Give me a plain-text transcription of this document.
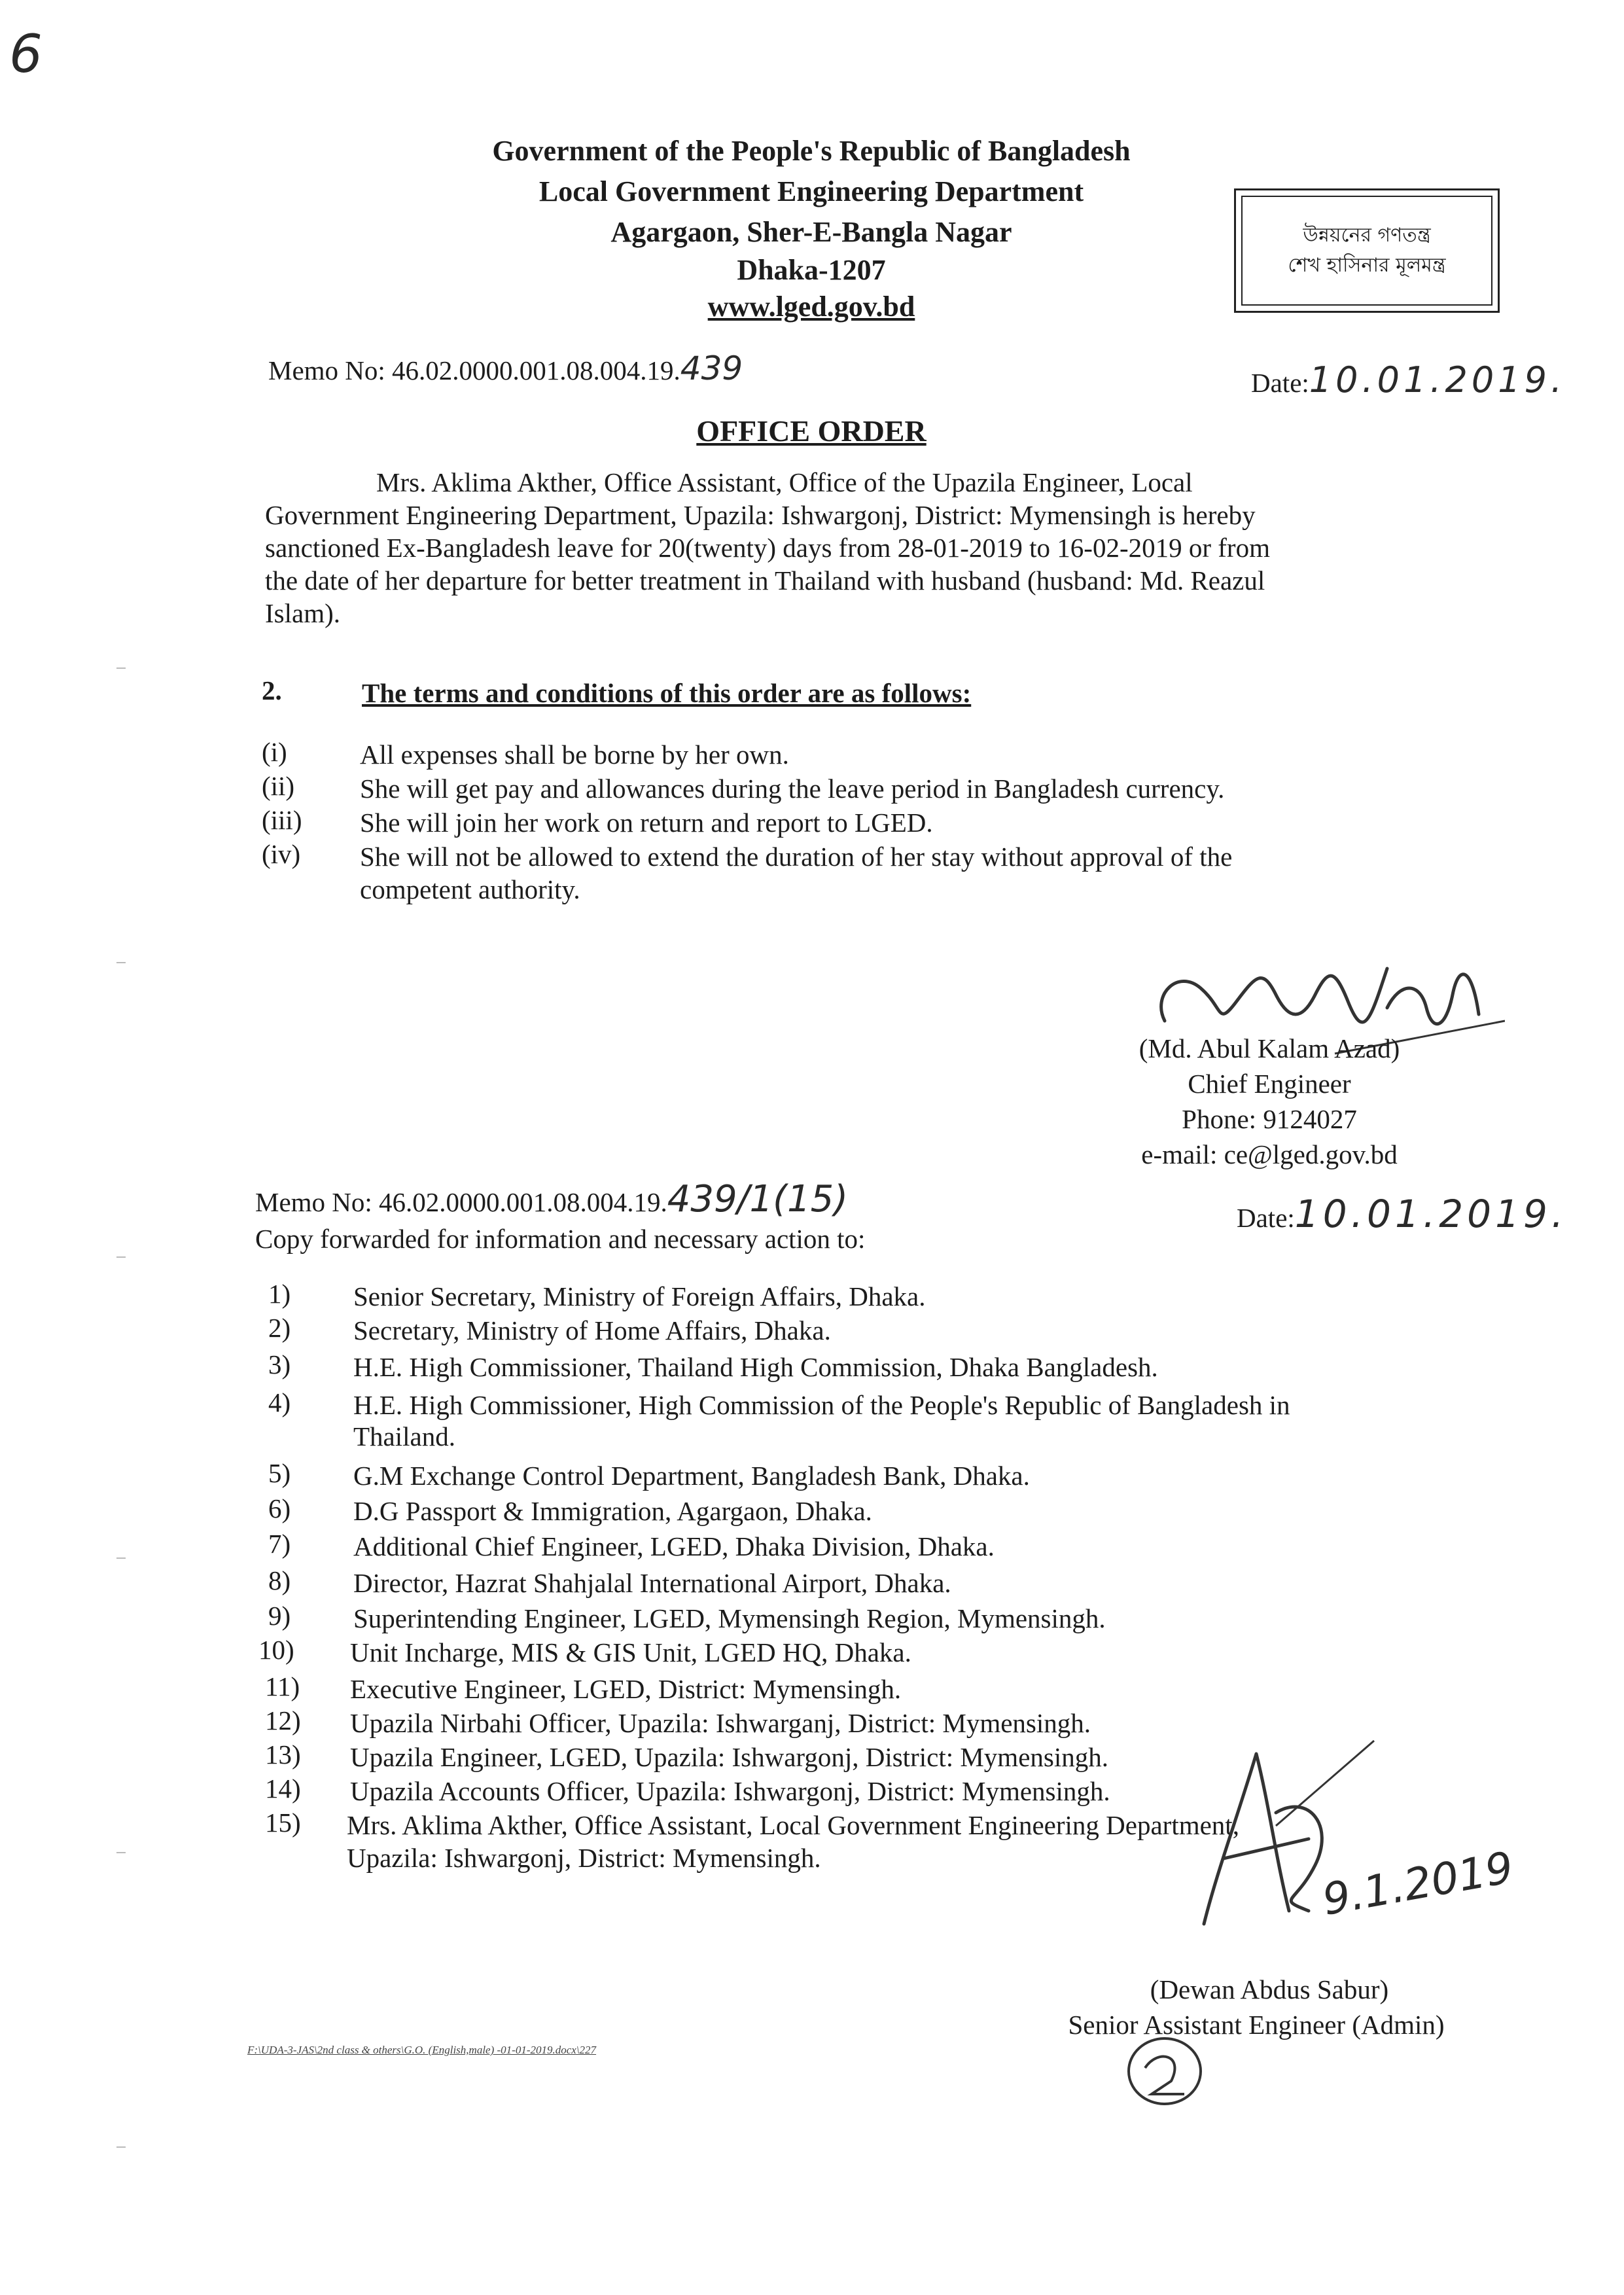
6
Government of the People's Republic of Bangladesh
Local Government Engineering Department
Agargaon, Sher-E-Bangla Nagar
Dhaka-1207
www.lged.gov.bd
উন্নয়নের গণতন্ত্র
শেখ হাসিনার মূলমন্ত্র
Memo No: 46.02.0000.001.08.004.19.439	Date:10.01.2019.
OFFICE ORDER
Mrs. Aklima Akther, Office Assistant, Office of the Upazila Engineer, Local
Government Engineering Department, Upazila: Ishwargonj, District: Mymensingh is hereby
sanctioned Ex-Bangladesh leave for 20(twenty) days from 28-01-2019 to 16-02-2019 or from
the date of her departure for better treatment in Thailand with husband (husband: Md. Reazul
Islam).
2.	The terms and conditions of this order are as follows:
(i)	All expenses shall be borne by her own.
(ii) She will get pay and allowances during the leave period in Bangladesh currency.
(iii) She will join her work on return and report to LGED.
(iv) She will not be allowed to extend the duration of her stay without approval of the
competent authority.
(Md. Abul Kalam Azad)
Chief Engineer
Phone: 9124027
e-mail: ce@lged.gov.bd
Memo No: 46.02.0000.001.08.004.19.439/1(15)	Date:10.01.2019.
Copy forwarded for information and necessary action to:
1) Senior Secretary, Ministry of Foreign Affairs, Dhaka.
2) Secretary, Ministry of Home Affairs, Dhaka.
3) H.E. High Commissioner, Thailand High Commission, Dhaka Bangladesh.
4) H.E. High Commissioner, High Commission of the People's Republic of Bangladesh in
Thailand.
5) G.M Exchange Control Department, Bangladesh Bank, Dhaka.
6) D.G Passport & Immigration, Agargaon, Dhaka.
7) Additional Chief Engineer, LGED, Dhaka Division, Dhaka.
8) Director, Hazrat Shahjalal International Airport, Dhaka.
9) Superintending Engineer, LGED, Mymensingh Region, Mymensingh.
10) Unit Incharge, MIS & GIS Unit, LGED HQ, Dhaka.
11) Executive Engineer, LGED, District: Mymensingh.
12) Upazila Nirbahi Officer, Upazila: Ishwarganj, District: Mymensingh.
13) Upazila Engineer, LGED, Upazila: Ishwargonj, District: Mymensingh.
14) Upazila Accounts Officer, Upazila: Ishwargonj, District: Mymensingh.
15) Mrs. Aklima Akther, Office Assistant, Local Government Engineering Department,
Upazila: Ishwargonj, District: Mymensingh.	9.1.2019
(Dewan Abdus Sabur)
Senior Assistant Engineer (Admin)
F:\UDA-3-JAS\2nd class & others\G.O. (English,male) -01-01-2019.docx\227
